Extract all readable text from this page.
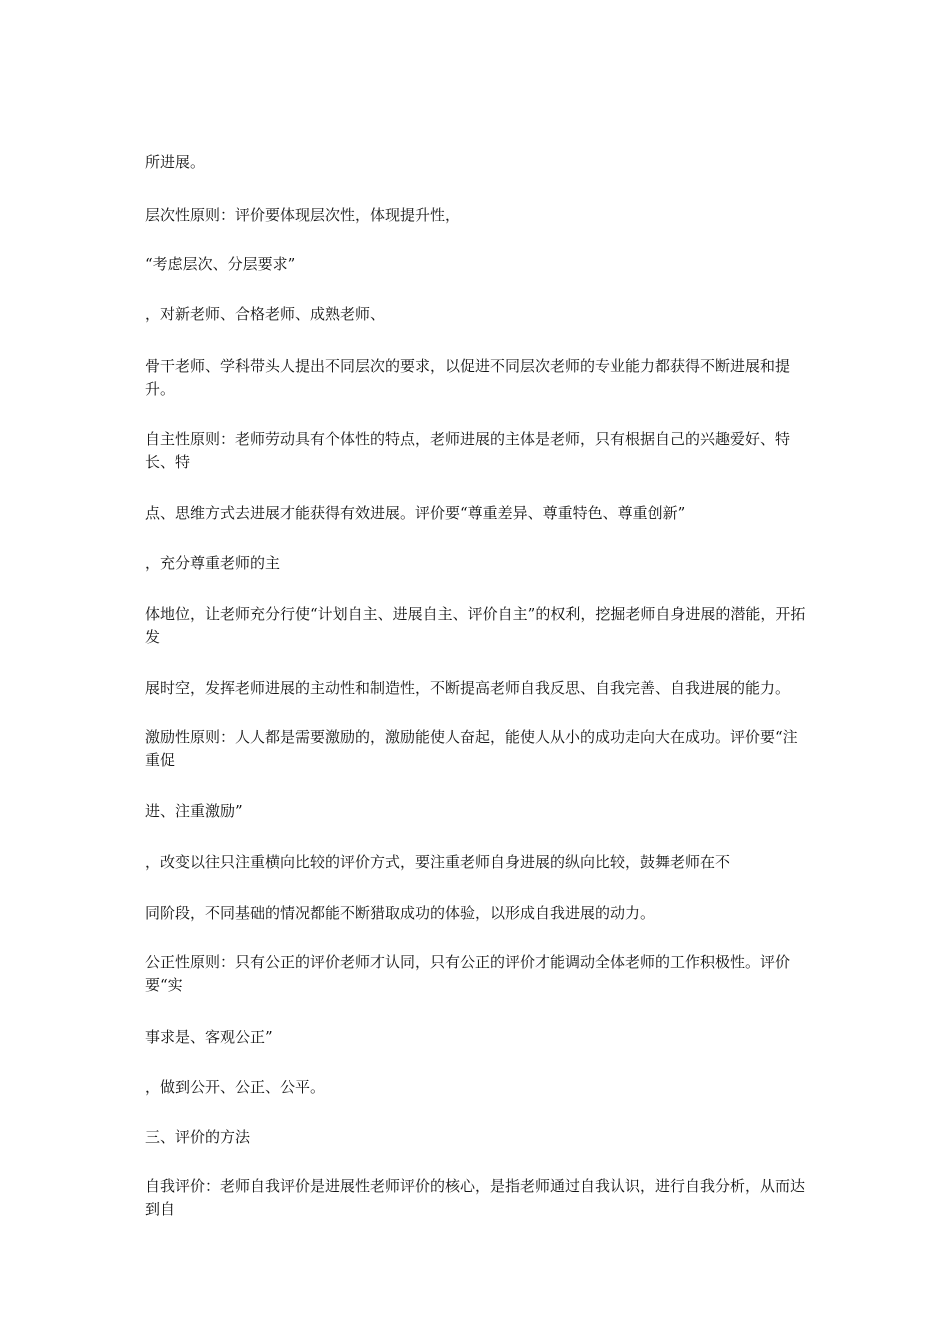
所进展。

层次性原则：评价要体现层次性，体现提升性，

“考虑层次、分层要求”

，对新老师、合格老师、成熟老师、

骨干老师、学科带头人提出不同层次的要求，以促进不同层次老师的专业能力都获得不断进展和提升。

自主性原则：老师劳动具有个体性的特点，老师进展的主体是老师，只有根据自己的兴趣爱好、特长、特

点、思维方式去进展才能获得有效进展。评价要“尊重差异、尊重特色、尊重创新”

，充分尊重老师的主

体地位，让老师充分行使“计划自主、进展自主、评价自主”的权利，挖掘老师自身进展的潜能，开拓发

展时空，发挥老师进展的主动性和制造性，不断提高老师自我反思、自我完善、自我进展的能力。

激励性原则：人人都是需要激励的，激励能使人奋起，能使人从小的成功走向大在成功。评价要“注重促

进、注重激励”

，改变以往只注重横向比较的评价方式，要注重老师自身进展的纵向比较，鼓舞老师在不

同阶段，不同基础的情况都能不断猎取成功的体验，以形成自我进展的动力。

公正性原则：只有公正的评价老师才认同，只有公正的评价才能调动全体老师的工作积极性。评价要“实

事求是、客观公正”

，做到公开、公正、公平。

三、评价的方法

自我评价：老师自我评价是进展性老师评价的核心，是指老师通过自我认识，进行自我分析，从而达到自
